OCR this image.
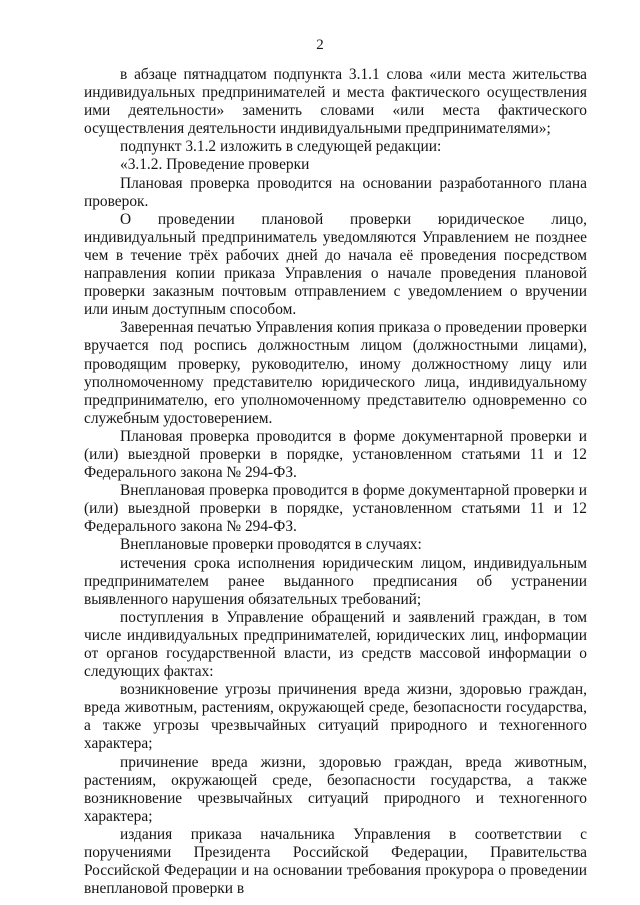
2

в абзаце пятнадцатом подпункта 3.1.1 слова «или места жительства индивидуальных предпринимателей и места фактического осуществления ими деятельности» заменить словами «или места фактического осуществления деятельности индивидуальными предпринимателями»;

подпункт 3.1.2 изложить в следующей редакции:

«3.1.2. Проведение проверки

Плановая проверка проводится на основании разработанного плана проверок.

О проведении плановой проверки юридическое лицо, индивидуальный предприниматель уведомляются Управлением не позднее чем в течение трёх рабочих дней до начала её проведения посредством направления копии приказа Управления о начале проведения плановой проверки заказным почтовым отправлением с уведомлением о вручении или иным доступным способом.

Заверенная печатью Управления копия приказа о проведении проверки вручается под роспись должностным лицом (должностными лицами), проводящим проверку, руководителю, иному должностному лицу или уполномоченному представителю юридического лица, индивидуальному предпринимателю, его уполномоченному представителю одновременно со служебным удостоверением.

Плановая проверка проводится в форме документарной проверки и (или) выездной проверки в порядке, установленном статьями 11 и 12 Федерального закона № 294-ФЗ.

Внеплановая проверка проводится в форме документарной проверки и (или) выездной проверки в порядке, установленном статьями 11 и 12 Федерального закона № 294-ФЗ.

Внеплановые проверки проводятся в случаях:

истечения срока исполнения юридическим лицом, индивидуальным предпринимателем ранее выданного предписания об устранении выявленного нарушения обязательных требований;

поступления в Управление обращений и заявлений граждан, в том числе индивидуальных предпринимателей, юридических лиц, информации от органов государственной власти, из средств массовой информации о следующих фактах:

возникновение угрозы причинения вреда жизни, здоровью граждан, вреда животным, растениям, окружающей среде, безопасности государства, а также угрозы чрезвычайных ситуаций природного и техногенного характера;

причинение вреда жизни, здоровью граждан, вреда животным, растениям, окружающей среде, безопасности государства, а также возникновение чрезвычайных ситуаций природного и техногенного характера;

издания приказа начальника Управления в соответствии с поручениями Президента Российской Федерации, Правительства Российской Федерации и на основании требования прокурора о проведении внеплановой проверки в
